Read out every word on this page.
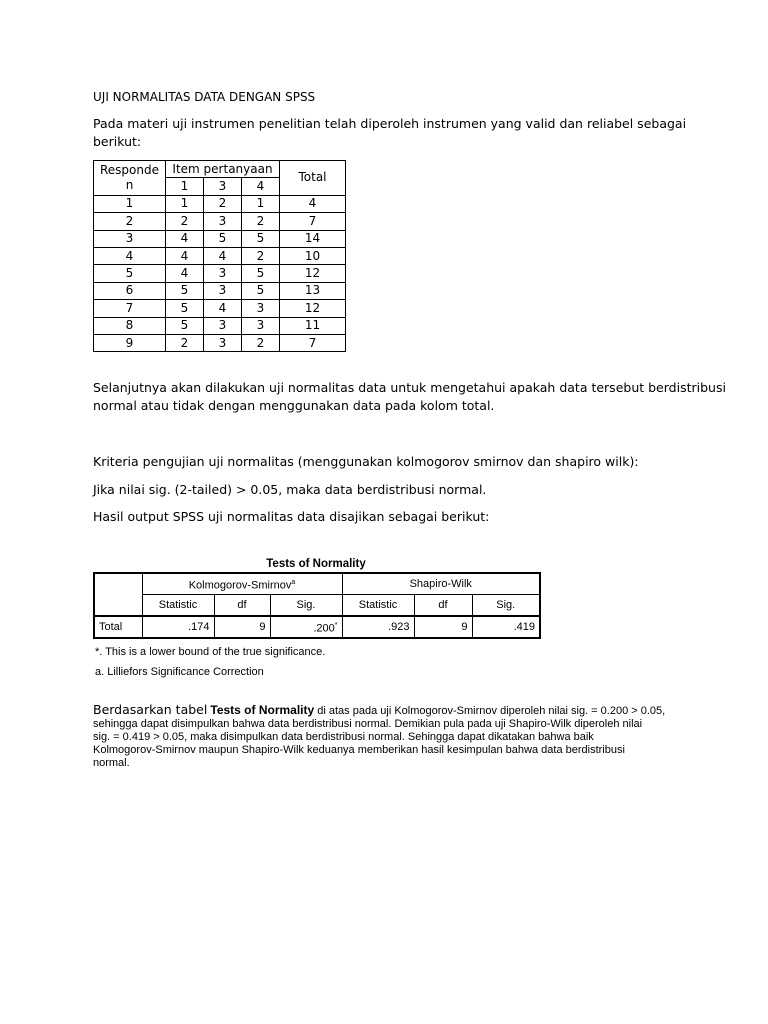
UJI NORMALITAS DATA DENGAN SPSS
Pada materi uji instrumen penelitian telah diperoleh instrumen yang valid dan reliabel sebagai
berikut:
Responde
n	Item pertanyaan			Total
	1	3	4	
1	1	2	1	4
2	2	3	2	7
3	4	5	5	14
4	4	4	2	10
5	4	3	5	12
6	5	3	5	13
7	5	4	3	12
8	5	3	3	11
9	2	3	2	7
Selanjutnya akan dilakukan uji normalitas data untuk mengetahui apakah data tersebut berdistribusi
normal atau tidak dengan menggunakan data pada kolom total.
Kriteria pengujian uji normalitas (menggunakan kolmogorov smirnov dan shapiro wilk):
Jika nilai sig. (2-tailed) > 0.05, maka data berdistribusi normal.
Hasil output SPSS uji normalitas data disajikan sebagai berikut:
Tests of Normality
	Kolmogorov-Smirnov$^a$			Shapiro-Wilk		
	Statistic	df	Sig.	Statistic	df	Sig.
Total	.174	9	.200*	.923	9	.419
*. This is a lower bound of the true significance.
a. Lilliefors Significance Correction
Berdasarkan tabel Tests of Normality di atas pada uji Kolmogorov-Smirnov diperoleh nilai sig. = 0.200 > 0.05,
sehingga dapat disimpulkan bahwa data berdistribusi normal. Demikian pula pada uji Shapiro-Wilk diperoleh nilai
sig. = 0.419 > 0.05, maka disimpulkan data berdistribusi normal. Sehingga dapat dikatakan bahwa baik
Kolmogorov-Smirnov maupun Shapiro-Wilk keduanya memberikan hasil kesimpulan bahwa data berdistribusi
normal.
